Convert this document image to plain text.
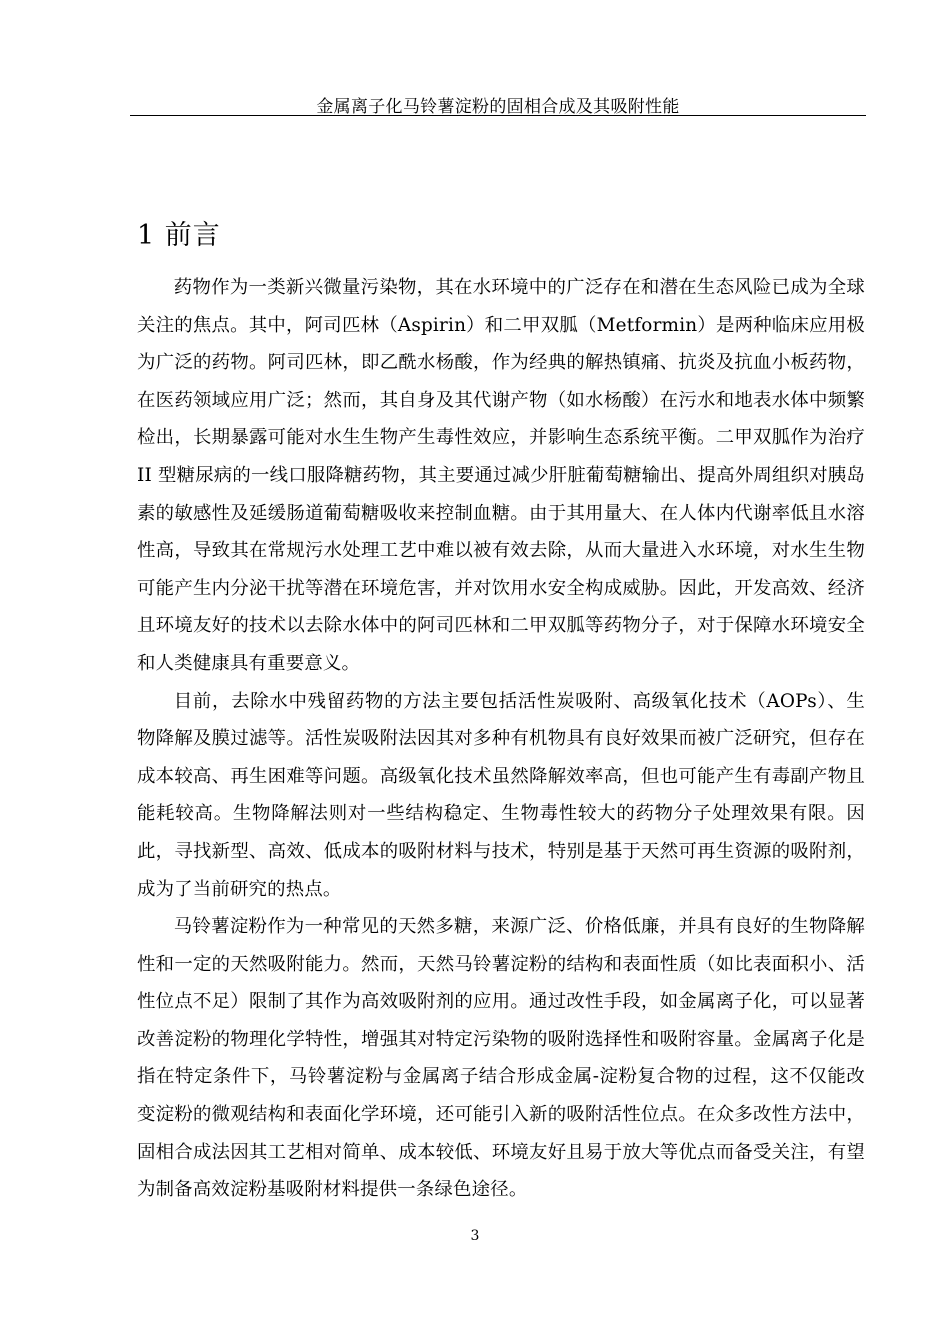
金属离子化马铃薯淀粉的固相合成及其吸附性能
1 前言

药物作为一类新兴微量污染物，其在水环境中的广泛存在和潜在生态风险已成为全球关注的焦点。其中，阿司匹林（Aspirin）和二甲双胍（Metformin）是两种临床应用极为广泛的药物。阿司匹林，即乙酰水杨酸，作为经典的解热镇痛、抗炎及抗血小板药物，在医药领域应用广泛；然而，其自身及其代谢产物（如水杨酸）在污水和地表水体中频繁检出，长期暴露可能对水生生物产生毒性效应，并影响生态系统平衡。二甲双胍作为治疗 II 型糖尿病的一线口服降糖药物，其主要通过减少肝脏葡萄糖输出、提高外周组织对胰岛素的敏感性及延缓肠道葡萄糖吸收来控制血糖。由于其用量大、在人体内代谢率低且水溶性高，导致其在常规污水处理工艺中难以被有效去除，从而大量进入水环境，对水生生物可能产生内分泌干扰等潜在环境危害，并对饮用水安全构成威胁。因此，开发高效、经济且环境友好的技术以去除水体中的阿司匹林和二甲双胍等药物分子，对于保障水环境安全和人类健康具有重要意义。

目前，去除水中残留药物的方法主要包括活性炭吸附、高级氧化技术（AOPs）、生物降解及膜过滤等。活性炭吸附法因其对多种有机物具有良好效果而被广泛研究，但存在成本较高、再生困难等问题。高级氧化技术虽然降解效率高，但也可能产生有毒副产物且能耗较高。生物降解法则对一些结构稳定、生物毒性较大的药物分子处理效果有限。因此，寻找新型、高效、低成本的吸附材料与技术，特别是基于天然可再生资源的吸附剂，成为了当前研究的热点。

马铃薯淀粉作为一种常见的天然多糖，来源广泛、价格低廉，并具有良好的生物降解性和一定的天然吸附能力。然而，天然马铃薯淀粉的结构和表面性质（如比表面积小、活性位点不足）限制了其作为高效吸附剂的应用。通过改性手段，如金属离子化，可以显著改善淀粉的物理化学特性，增强其对特定污染物的吸附选择性和吸附容量。金属离子化是指在特定条件下，马铃薯淀粉与金属离子结合形成金属-淀粉复合物的过程，这不仅能改变淀粉的微观结构和表面化学环境，还可能引入新的吸附活性位点。在众多改性方法中，固相合成法因其工艺相对简单、成本较低、环境友好且易于放大等优点而备受关注，有望为制备高效淀粉基吸附材料提供一条绿色途径。

3
